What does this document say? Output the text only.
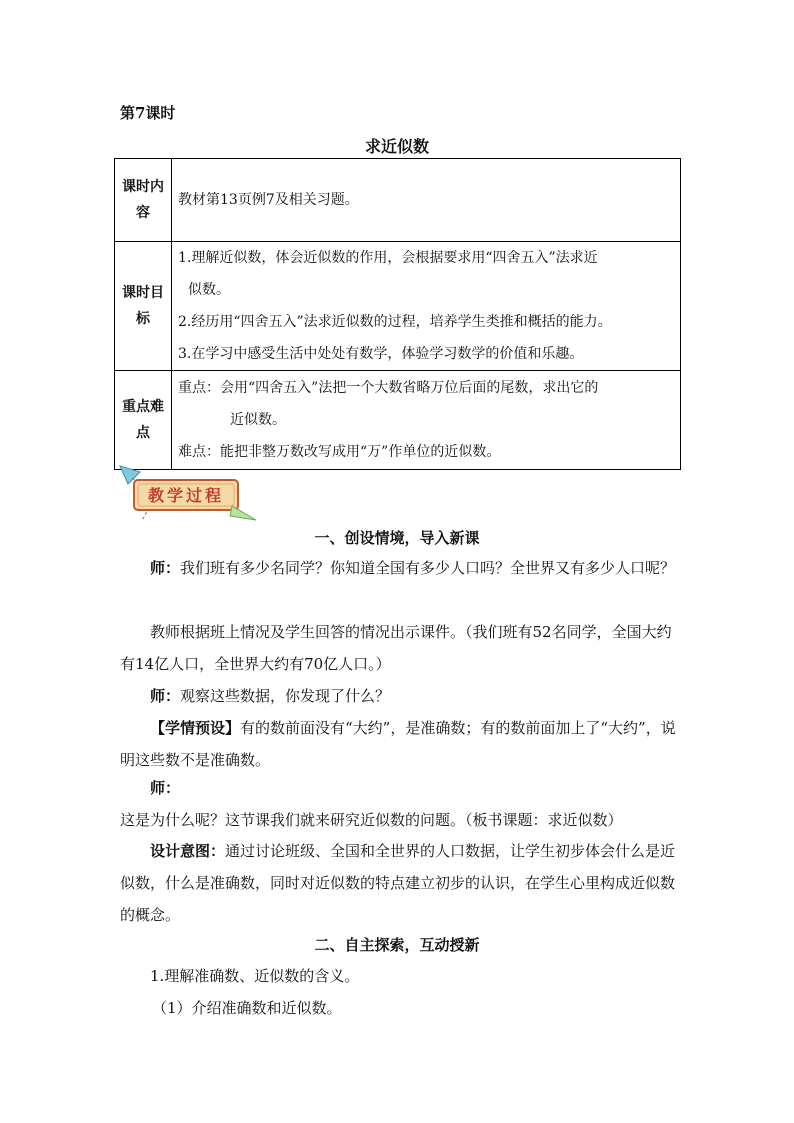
第7课时
求近似数
课时内容	教材第13页例7及相关习题。
课时目标	1.理解近似数，体会近似数的作用，会根据要求用“四舍五入”法求近
似数。
2.经历用“四舍五入”法求近似数的过程，培养学生类推和概括的能力。
3.在学习中感受生活中处处有数学，体验学习数学的价值和乐趣。

重点难点	重点：会用“四舍五入”法把一个大数省略万位后面的尾数，求出它的
近似数。
难点：能把非整万数改写成用“万”作单位的近似数。
教学过程
一、创设情境，导入新课
师：我们班有多少名同学？你知道全国有多少人口吗？全世界又有多少人口呢？
教师根据班上情况及学生回答的情况出示课件。（我们班有52名同学，全国大约有14亿人口，全世界大约有70亿人口。）
师：观察这些数据，你发现了什么？
【学情预设】有的数前面没有“大约”，是准确数；有的数前面加上了“大约”，说明这些数不是准确数。
师：这是为什么呢？这节课我们就来研究近似数的问题。（板书课题：求近似数）
设计意图：通过讨论班级、全国和全世界的人口数据，让学生初步体会什么是近似数，什么是准确数，同时对近似数的特点建立初步的认识，在学生心里构成近似数的概念。
二、自主探索，互动授新
1.理解准确数、近似数的含义。
（1）介绍准确数和近似数。
